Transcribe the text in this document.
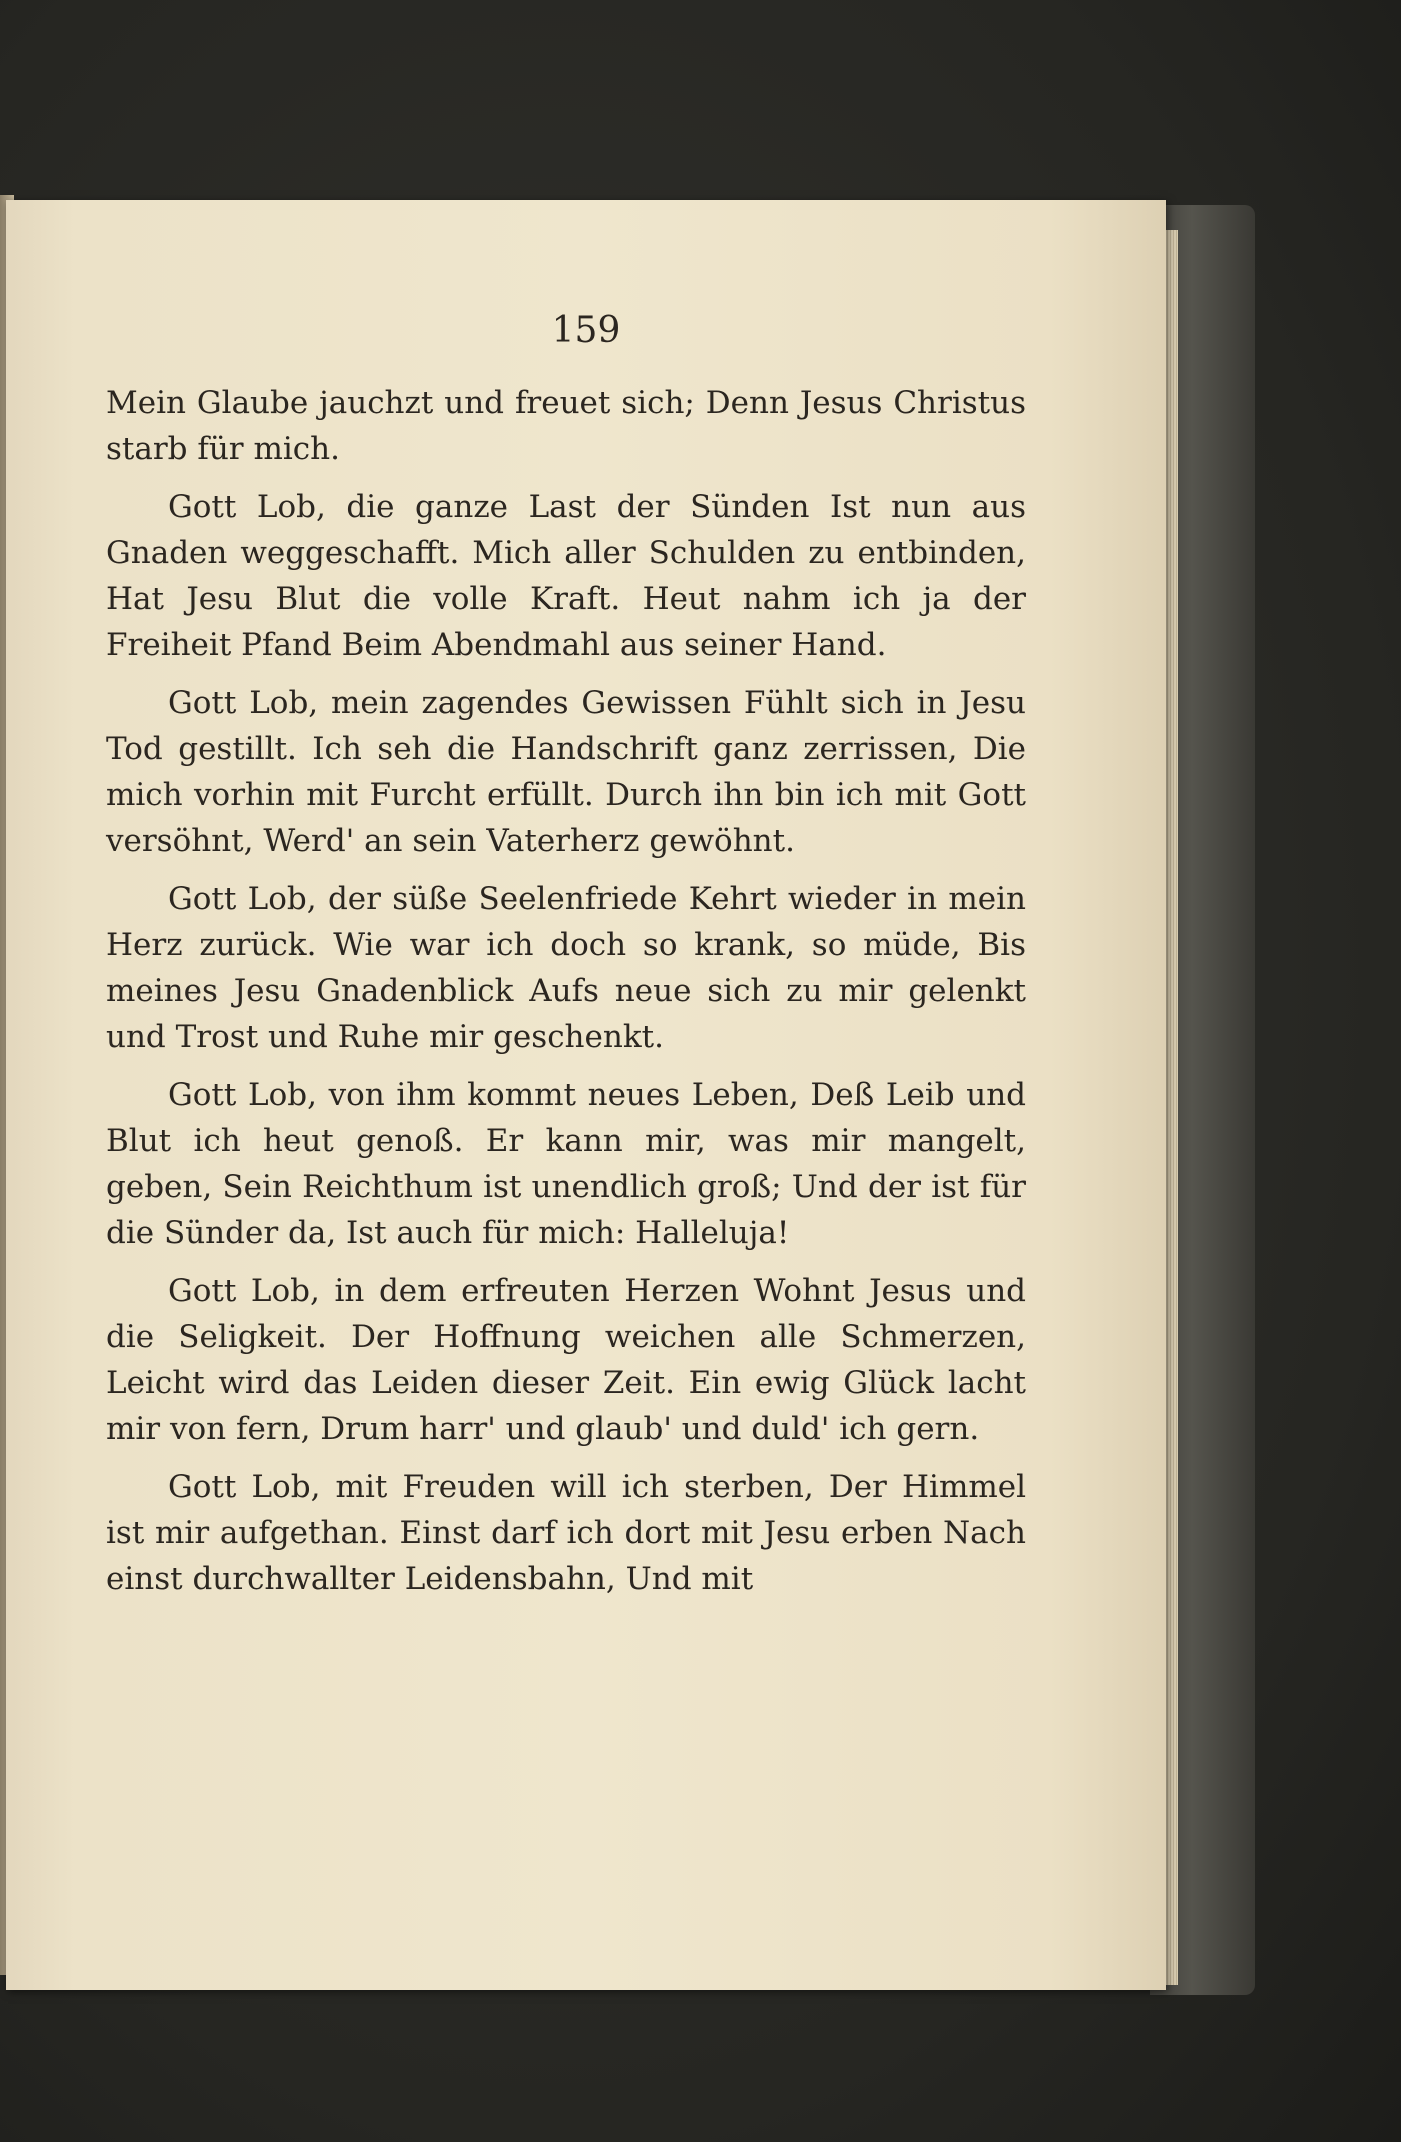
159

Mein Glaube jauchzt und freuet sich; Denn Jesus Christus starb für mich.

Gott Lob, die ganze Last der Sünden Ist nun aus Gnaden weggeschafft. Mich aller Schulden zu entbinden, Hat Jesu Blut die volle Kraft. Heut nahm ich ja der Freiheit Pfand Beim Abendmahl aus seiner Hand.

Gott Lob, mein zagendes Gewissen Fühlt sich in Jesu Tod gestillt. Ich seh die Handschrift ganz zerrissen, Die mich vorhin mit Furcht erfüllt. Durch ihn bin ich mit Gott versöhnt, Werd' an sein Vaterherz gewöhnt.

Gott Lob, der süße Seelenfriede Kehrt wieder in mein Herz zurück. Wie war ich doch so krank, so müde, Bis meines Jesu Gnadenblick Aufs neue sich zu mir gelenkt und Trost und Ruhe mir geschenkt.

Gott Lob, von ihm kommt neues Leben, Deß Leib und Blut ich heut genoß. Er kann mir, was mir mangelt, geben, Sein Reichthum ist unendlich groß; Und der ist für die Sünder da, Ist auch für mich: Halleluja!

Gott Lob, in dem erfreuten Herzen Wohnt Jesus und die Seligkeit. Der Hoffnung weichen alle Schmerzen, Leicht wird das Leiden dieser Zeit. Ein ewig Glück lacht mir von fern, Drum harr' und glaub' und duld' ich gern.

Gott Lob, mit Freuden will ich sterben, Der Himmel ist mir aufgethan. Einst darf ich dort mit Jesu erben Nach einst durchwallter Leidensbahn, Und mit
